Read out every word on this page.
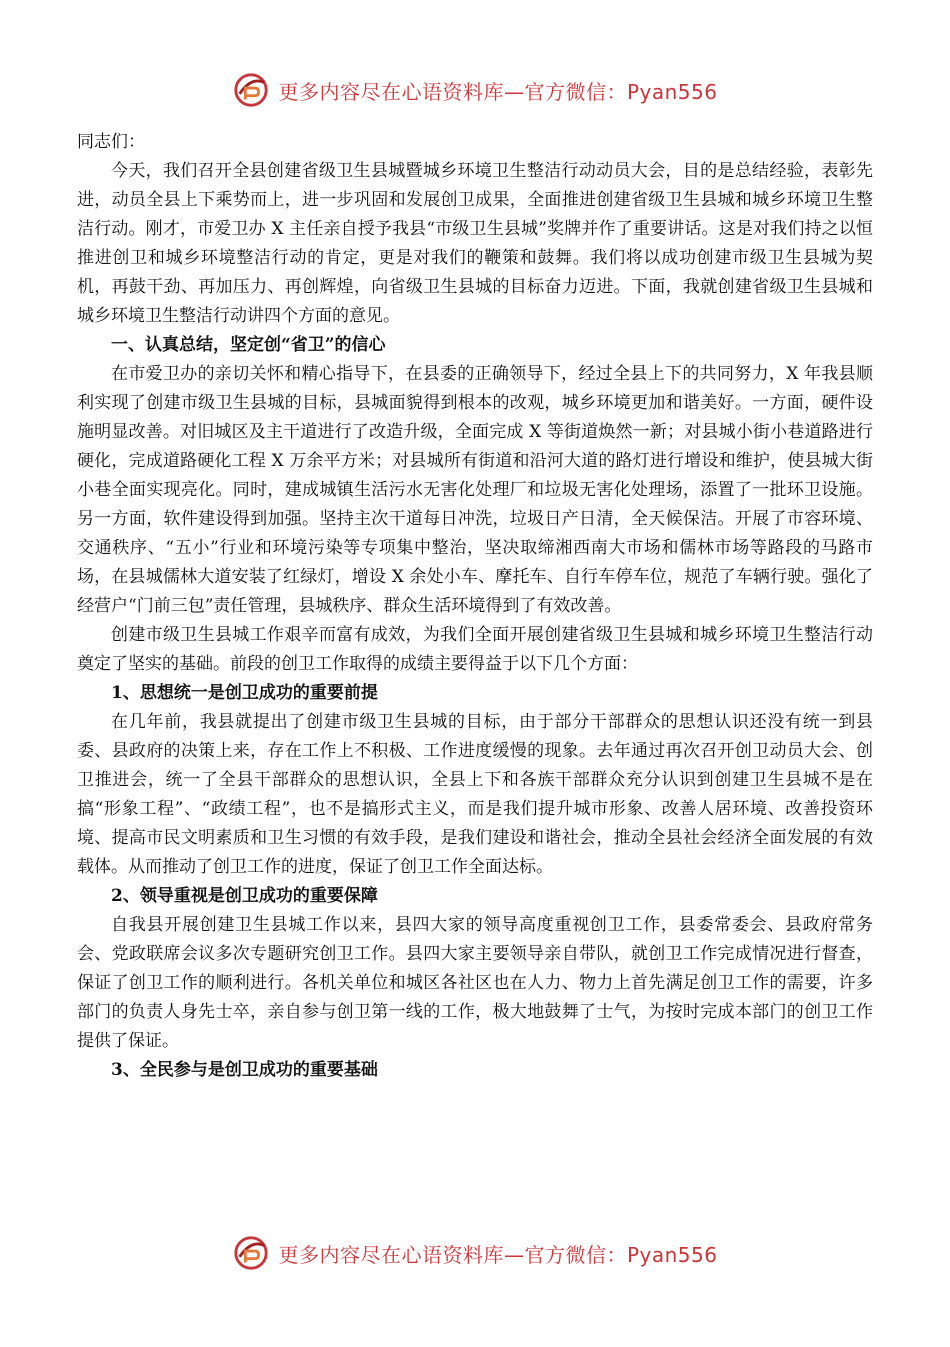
更多内容尽在心语资料库—官方微信：Pyan556

同志们：

今天，我们召开全县创建省级卫生县城暨城乡环境卫生整洁行动动员大会，目的是总结经验，表彰先进，动员全县上下乘势而上，进一步巩固和发展创卫成果，全面推进创建省级卫生县城和城乡环境卫生整洁行动。刚才，市爱卫办 X 主任亲自授予我县“市级卫生县城”奖牌并作了重要讲话。这是对我们持之以恒推进创卫和城乡环境整洁行动的肯定，更是对我们的鞭策和鼓舞。我们将以成功创建市级卫生县城为契机，再鼓干劲、再加压力、再创辉煌，向省级卫生县城的目标奋力迈进。下面，我就创建省级卫生县城和城乡环境卫生整洁行动讲四个方面的意见。

一、认真总结，坚定创“省卫”的信心

在市爱卫办的亲切关怀和精心指导下，在县委的正确领导下，经过全县上下的共同努力，X 年我县顺利实现了创建市级卫生县城的目标，县城面貌得到根本的改观，城乡环境更加和谐美好。一方面，硬件设施明显改善。对旧城区及主干道进行了改造升级，全面完成 X 等街道焕然一新；对县城小街小巷道路进行硬化，完成道路硬化工程 X 万余平方米；对县城所有街道和沿河大道的路灯进行增设和维护，使县城大街小巷全面实现亮化。同时，建成城镇生活污水无害化处理厂和垃圾无害化处理场，添置了一批环卫设施。另一方面，软件建设得到加强。坚持主次干道每日冲洗，垃圾日产日清，全天候保洁。开展了市容环境、交通秩序、“五小”行业和环境污染等专项集中整治，坚决取缔湘西南大市场和儒林市场等路段的马路市场，在县城儒林大道安装了红绿灯，增设 X 余处小车、摩托车、自行车停车位，规范了车辆行驶。强化了经营户“门前三包”责任管理，县城秩序、群众生活环境得到了有效改善。

创建市级卫生县城工作艰辛而富有成效，为我们全面开展创建省级卫生县城和城乡环境卫生整洁行动奠定了坚实的基础。前段的创卫工作取得的成绩主要得益于以下几个方面：

1、思想统一是创卫成功的重要前提

在几年前，我县就提出了创建市级卫生县城的目标，由于部分干部群众的思想认识还没有统一到县委、县政府的决策上来，存在工作上不积极、工作进度缓慢的现象。去年通过再次召开创卫动员大会、创卫推进会，统一了全县干部群众的思想认识，全县上下和各族干部群众充分认识到创建卫生县城不是在搞“形象工程”、“政绩工程”，也不是搞形式主义，而是我们提升城市形象、改善人居环境、改善投资环境、提高市民文明素质和卫生习惯的有效手段，是我们建设和谐社会，推动全县社会经济全面发展的有效载体。从而推动了创卫工作的进度，保证了创卫工作全面达标。

2、领导重视是创卫成功的重要保障

自我县开展创建卫生县城工作以来，县四大家的领导高度重视创卫工作，县委常委会、县政府常务会、党政联席会议多次专题研究创卫工作。县四大家主要领导亲自带队，就创卫工作完成情况进行督查，保证了创卫工作的顺利进行。各机关单位和城区各社区也在人力、物力上首先满足创卫工作的需要，许多部门的负责人身先士卒，亲自参与创卫第一线的工作，极大地鼓舞了士气，为按时完成本部门的创卫工作提供了保证。

3、全民参与是创卫成功的重要基础

更多内容尽在心语资料库—官方微信：Pyan556
